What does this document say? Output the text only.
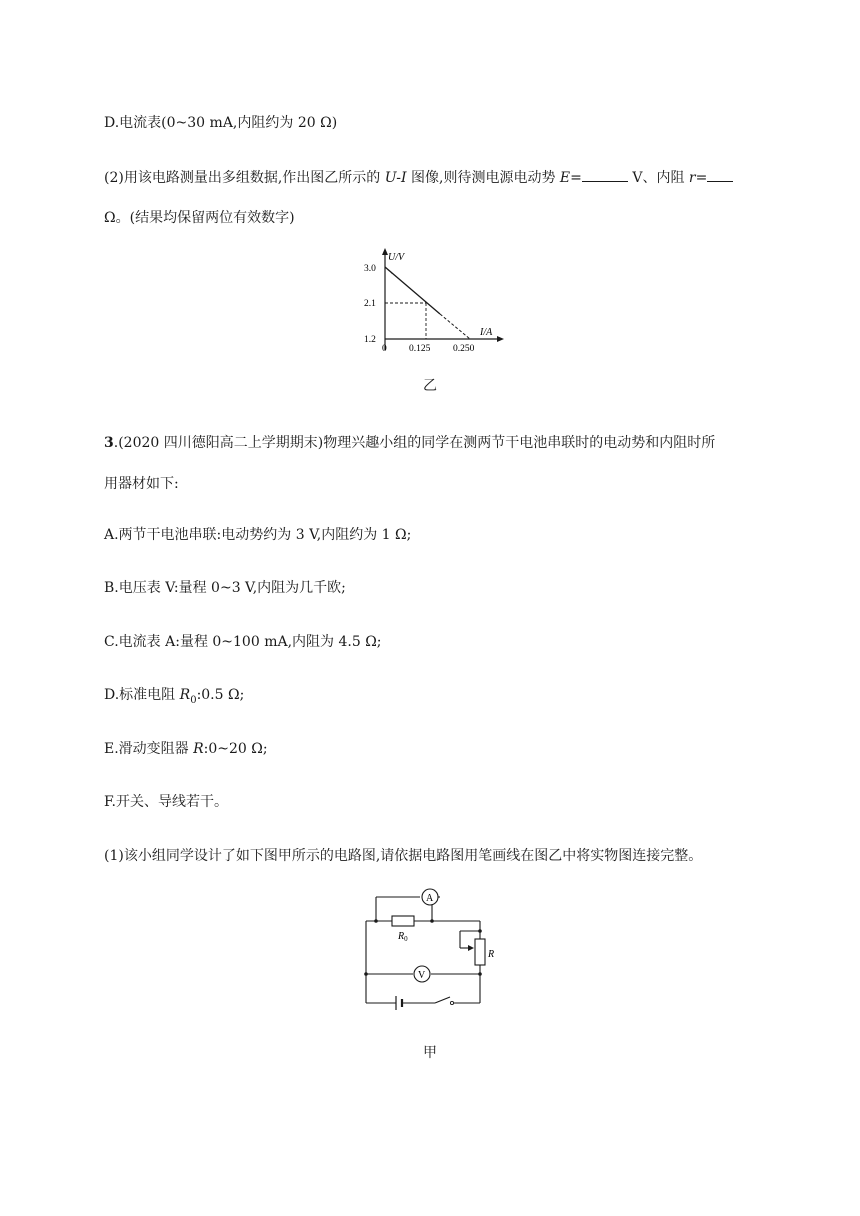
D.电流表(0~30 mA,内阻约为 20 Ω)
(2)用该电路测量出多组数据,作出图乙所示的 U-I 图像,则待测电源电动势 E=	V、内阻 r=
Ω。(结果均保留两位有效数字)
U/V
I/A
3.0
2.1
1.2
0 0.125 0.250
乙
3.(2020 四川德阳高二上学期期末)物理兴趣小组的同学在测两节干电池串联时的电动势和内阻时所
用器材如下:
A.两节干电池串联:电动势约为 3 V,内阻约为 1 Ω;
B.电压表 V:量程 0~3 V,内阻为几千欧;
C.电流表 A:量程 0~100 mA,内阻为 4.5 Ω;
D.标准电阻 $R_0:0.5$ Ω;
E.滑动变阻器 R:0~20 Ω;
F.开关、导线若干。
(1)该小组同学设计了如下图甲所示的电路图,请依据电路图用笔画线在图乙中将实物图连接完整。
A
V
$R_0$
R
甲
